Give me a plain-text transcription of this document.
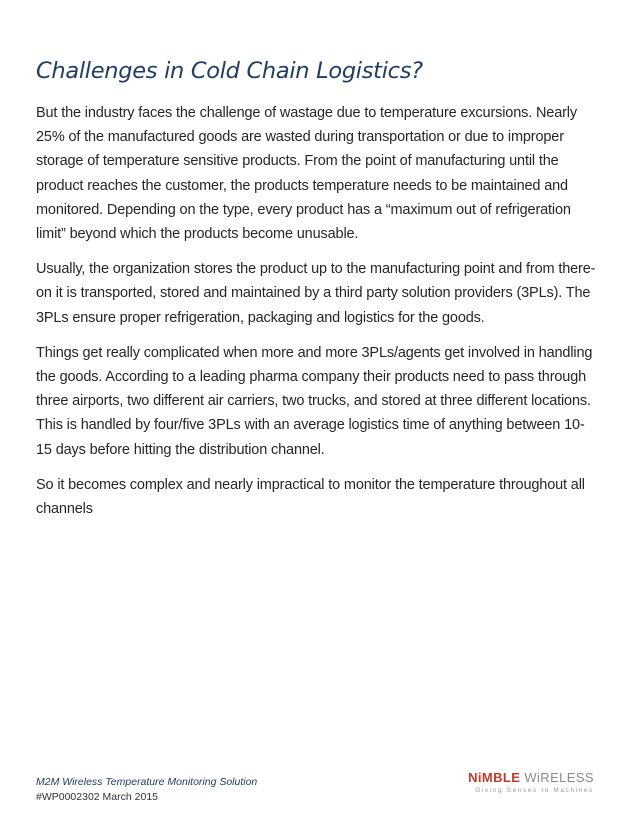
Challenges in Cold Chain Logistics?

But the industry faces the challenge of wastage due to temperature excursions. Nearly 25% of the manufactured goods are wasted during transportation or due to improper storage of temperature sensitive products. From the point of manufacturing until the product reaches the customer, the products temperature needs to be maintained and monitored. Depending on the type, every product has a “maximum out of refrigeration limit” beyond which the products become unusable.

Usually, the organization stores the product up to the manufacturing point and from there-on it is transported, stored and maintained by a third party solution providers (3PLs). The 3PLs ensure proper refrigeration, packaging and logistics for the goods.

Things get really complicated when more and more 3PLs/agents get involved in handling the goods. According to a leading pharma company their products need to pass through three airports, two different air carriers, two trucks, and stored at three different locations. This is handled by four/five 3PLs with an average logistics time of anything between 10-15 days before hitting the distribution channel.

So it becomes complex and nearly impractical to monitor the temperature throughout all channels

M2M Wireless Temperature Monitoring Solution
#WP0002302 March 2015
NiMBLE WiRELESS
Giving Senses to Machines
